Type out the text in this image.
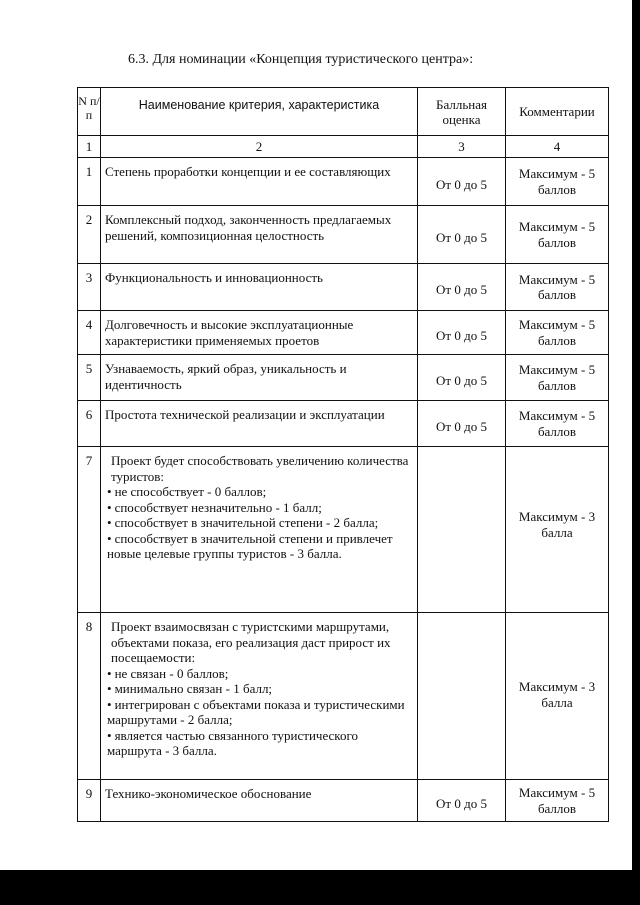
6.3. Для номинации «Концепция туристического центра»:
N п/п	Наименование критерия, характеристика	Балльная оценка	Комментарии
1	2	3	4
1	Степень проработки концепции и ее составляющих	От 0 до 5	Максимум - 5 баллов
2	Комплексный подход, законченность предлагаемых решений, композиционная целостность	От 0 до 5	Максимум - 5 баллов
3	Функциональность и инновационность	От 0 до 5	Максимум - 5 баллов
4	Долговечность и высокие эксплуатационные характеристики применяемых проетов	От 0 до 5	Максимум - 5 баллов
5	Узнаваемость, яркий образ, уникальность и идентичность	От 0 до 5	Максимум - 5 баллов
6	Простота технической реализации и эксплуатации	От 0 до 5	Максимум - 5 баллов
7	Проект будет способствовать увеличению количества туристов:
• не способствует - 0 баллов;
• способствует незначительно - 1 балл;
• способствует в значительной степени - 2 балла;
• способствует в значительной степени и привлечет новые целевые группы туристов - 3 балла.		Максимум - 3 балла
8	Проект взаимосвязан с туристскими маршрутами, объектами показа, его реализация даст прирост их посещаемости:
• не связан - 0 баллов;
• минимально связан - 1 балл;
• интегрирован с объектами показа и туристическими маршрутами - 2 балла;
• является частью связанного туристического маршрута - 3 балла.		Максимум - 3 балла
9	Технико-экономическое обоснование	От 0 до 5	Максимум - 5 баллов
